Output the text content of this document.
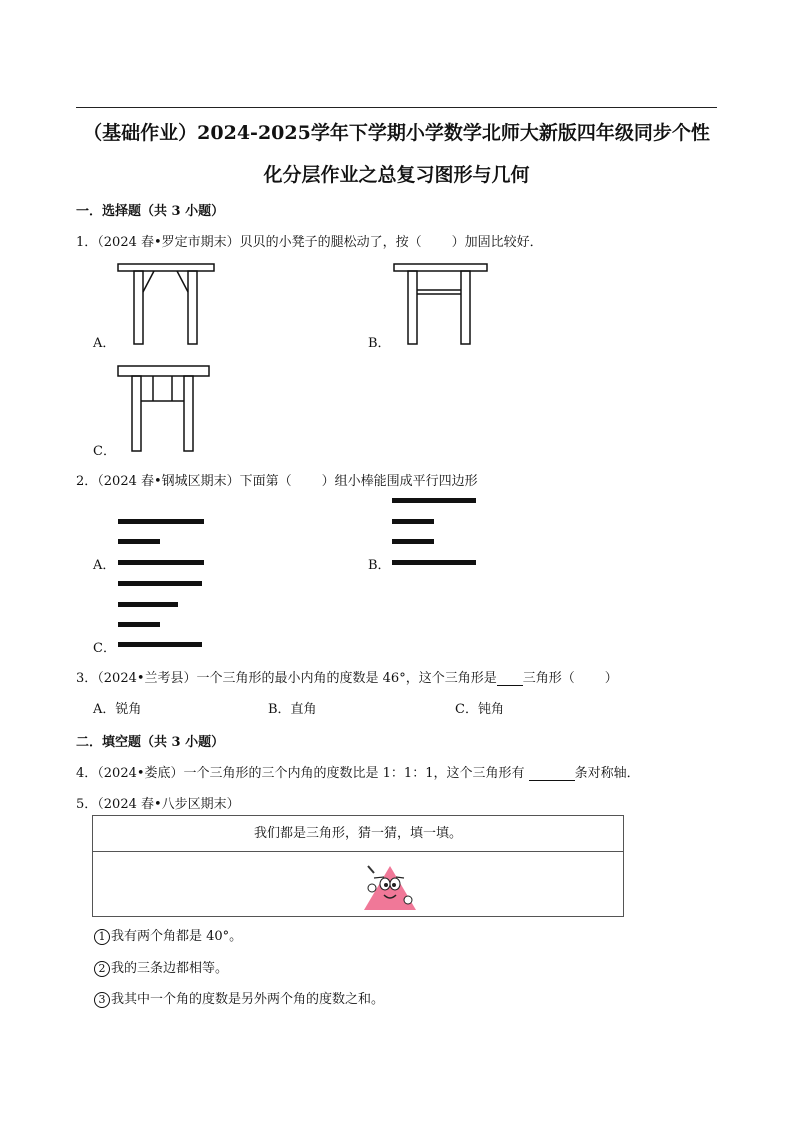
（基础作业）2024-2025学年下学期小学数学北师大新版四年级同步个性
化分层作业之总复习图形与几何
一．选择题（共 3 小题）
1．（2024 春•罗定市期末）贝贝的小凳子的腿松动了，按（ ）加固比较好．
A．	B．
C．
2．（2024 春•钢城区期末）下面第（ ）组小棒能围成平行四边形
A．	B．
C．
3．（2024•兰考县）一个三角形的最小内角的度数是 46°，这个三角形是 三角形（ ）
A．锐角	B．直角	C．钝角
二．填空题（共 3 小题）
4．（2024•娄底）一个三角形的三个内角的度数比是 1：1：1，这个三角形有	条对称轴．
5．（2024 春•八步区期末）
我们都是三角形，猜一猜，填一填。
1 我有两个角都是 40°。
2 我的三条边都相等。
3 我其中一个角的度数是另外两个角的度数之和。
